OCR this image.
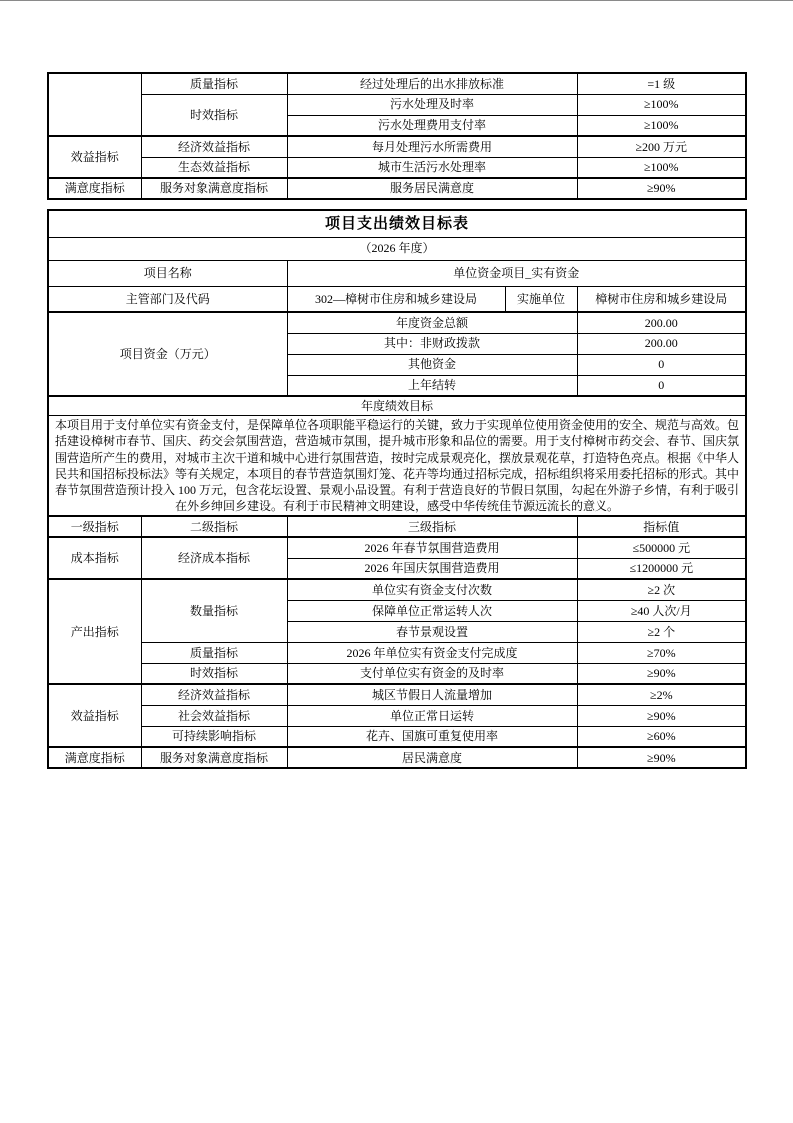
	质量指标	经过处理后的出水排放标准	=1 级
	时效指标	污水处理及时率	≥100%
		污水处理费用支付率	≥100%
效益指标	经济效益指标	每月处理污水所需费用	≥200 万元
	生态效益指标	城市生活污水处理率	≥100%
满意度指标	服务对象满意度指标	服务居民满意度	≥90%
项目支出绩效目标表				
（2026 年度）				
项目名称		单位资金项目_实有资金		
主管部门及代码		302—樟树市住房和城乡建设局	实施单位	樟树市住房和城乡建设局
项目资金（万元）		年度资金总额		200.00
		其中：非财政拨款		200.00
		其他资金		0
		上年结转		0
年度绩效目标				
本项目用于支付单位实有资金支付，是保障单位各项职能平稳运行的关键，致力于实现单位使用资金使用的安全、规范与高效。包括建设樟树市春节、国庆、药交会氛围营造，营造城市氛围，提升城市形象和品位的需要。用于支付樟树市药交会、春节、国庆氛围营造所产生的费用，对城市主次干道和城中心进行氛围营造，按时完成景观亮化，摆放景观花草，打造特色亮点。根据《中华人民共和国招标投标法》等有关规定，本项目的春节营造氛围灯笼、花卉等均通过招标完成，招标组织将采用委托招标的形式。其中春节氛围营造预计投入 100 万元，包含花坛设置、景观小品设置。有利于营造良好的节假日氛围，勾起在外游子乡情，有利于吸引在外乡绅回乡建设。有利于市民精神文明建设，感受中华传统佳节源远流长的意义。				
一级指标	二级指标	三级指标		指标值
成本指标	经济成本指标	2026 年春节氛围营造费用		≤500000 元
		2026 年国庆氛围营造费用		≤1200000 元
产出指标	数量指标	单位实有资金支付次数		≥2 次
		保障单位正常运转人次		≥40 人次/月
		春节景观设置		≥2 个
	质量指标	2026 年单位实有资金支付完成度		≥70%
	时效指标	支付单位实有资金的及时率		≥90%
效益指标	经济效益指标	城区节假日人流量增加		≥2%
	社会效益指标	单位正常日运转		≥90%
	可持续影响指标	花卉、国旗可重复使用率		≥60%
满意度指标	服务对象满意度指标	居民满意度		≥90%
